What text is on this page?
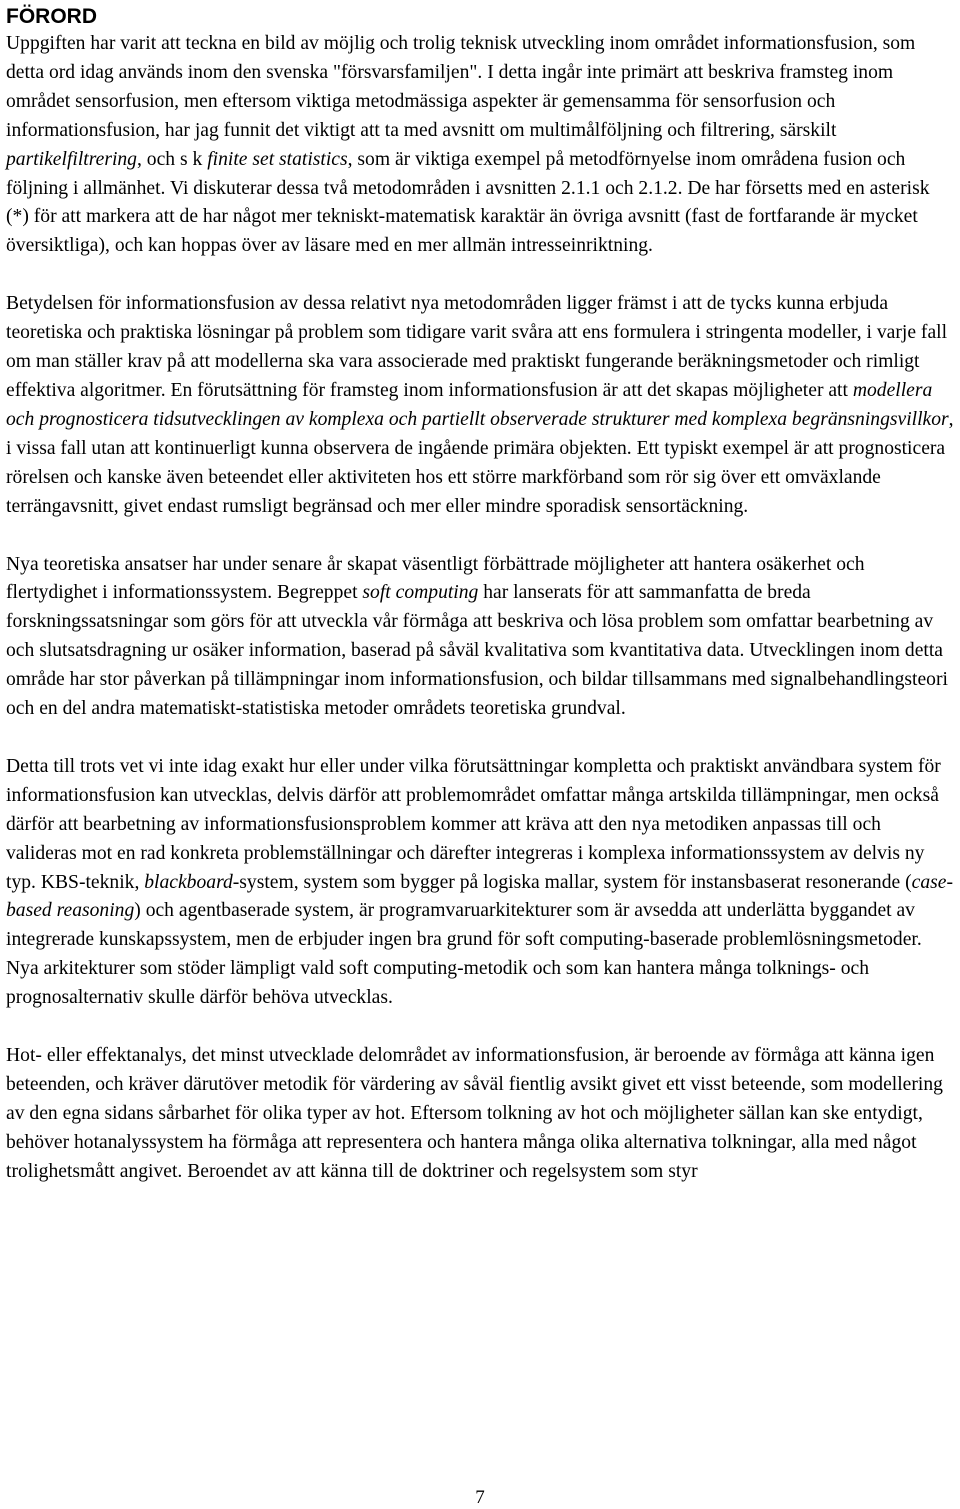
FÖRORD

Uppgiften har varit att teckna en bild av möjlig och trolig teknisk utveckling inom området informationsfusion, som detta ord idag används inom den svenska "försvarsfamiljen". I detta ingår inte primärt att beskriva framsteg inom området sensorfusion, men eftersom viktiga metodmässiga aspekter är gemensamma för sensorfusion och informationsfusion, har jag funnit det viktigt att ta med avsnitt om multimålföljning och filtrering, särskilt partikelfiltrering, och s k finite set statistics, som är viktiga exempel på metodförnyelse inom områdena fusion och följning i allmänhet. Vi diskuterar dessa två metodområden i avsnitten 2.1.1 och 2.1.2. De har försetts med en asterisk (*) för att markera att de har något mer tekniskt-matematisk karaktär än övriga avsnitt (fast de fortfarande är mycket översiktliga), och kan hoppas över av läsare med en mer allmän intresseinriktning.

Betydelsen för informationsfusion av dessa relativt nya metodområden ligger främst i att de tycks kunna erbjuda teoretiska och praktiska lösningar på problem som tidigare varit svåra att ens formulera i stringenta modeller, i varje fall om man ställer krav på att modellerna ska vara associerade med praktiskt fungerande beräkningsmetoder och rimligt effektiva algoritmer. En förutsättning för framsteg inom informationsfusion är att det skapas möjligheter att modellera och prognosticera tidsutvecklingen av komplexa och partiellt observerade strukturer med komplexa begränsningsvillkor, i vissa fall utan att kontinuerligt kunna observera de ingående primära objekten. Ett typiskt exempel är att prognosticera rörelsen och kanske även beteendet eller aktiviteten hos ett större markförband som rör sig över ett omväxlande terrängavsnitt, givet endast rumsligt begränsad och mer eller mindre sporadisk sensortäckning.

Nya teoretiska ansatser har under senare år skapat väsentligt förbättrade möjligheter att hantera osäkerhet och flertydighet i informationssystem. Begreppet soft computing har lanserats för att sammanfatta de breda forskningssatsningar som görs för att utveckla vår förmåga att beskriva och lösa problem som omfattar bearbetning av och slutsatsdragning ur osäker information, baserad på såväl kvalitativa som kvantitativa data. Utvecklingen inom detta område har stor påverkan på tillämpningar inom informationsfusion, och bildar tillsammans med signalbehandlingsteori och en del andra matematiskt-statistiska metoder områdets teoretiska grundval.

Detta till trots vet vi inte idag exakt hur eller under vilka förutsättningar kompletta och praktiskt användbara system för informationsfusion kan utvecklas, delvis därför att problemområdet omfattar många artskilda tillämpningar, men också därför att bearbetning av informationsfusionsproblem kommer att kräva att den nya metodiken anpassas till och valideras mot en rad konkreta problemställningar och därefter integreras i komplexa informationssystem av delvis ny typ. KBS-teknik, blackboard-system, system som bygger på logiska mallar, system för instansbaserat resonerande (case-based reasoning) och agentbaserade system, är programvaruarkitekturer som är avsedda att underlätta byggandet av integrerade kunskapssystem, men de erbjuder ingen bra grund för soft computing-baserade problemlösningsmetoder. Nya arkitekturer som stöder lämpligt vald soft computing-metodik och som kan hantera många tolknings- och prognosalternativ skulle därför behöva utvecklas.

Hot- eller effektanalys, det minst utvecklade delområdet av informationsfusion, är beroende av förmåga att känna igen beteenden, och kräver därutöver metodik för värdering av såväl fientlig avsikt givet ett visst beteende, som modellering av den egna sidans sårbarhet för olika typer av hot. Eftersom tolkning av hot och möjligheter sällan kan ske entydigt, behöver hotanalyssystem ha förmåga att representera och hantera många olika alternativa tolkningar, alla med något trolighetsmått angivet. Beroendet av att känna till de doktriner och regelsystem som styr

7
